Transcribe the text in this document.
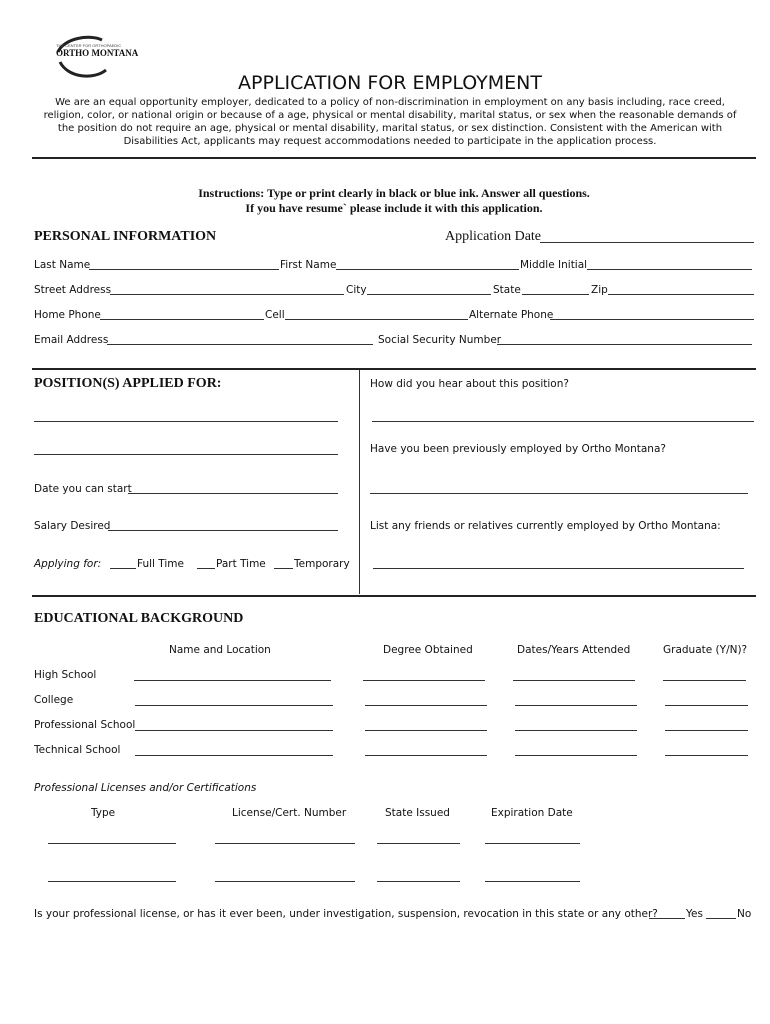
THE CENTER FOR ORTHOPAEDIC
ORTHO MONTANA
APPLICATION FOR EMPLOYMENT
We are an equal opportunity employer, dedicated to a policy of non-discrimination in employment on any basis including, race creed,
religion, color, or national origin or because of a age, physical or mental disability, marital status, or sex when the reasonable demands of
the position do not require an age, physical or mental disability, marital status, or sex distinction. Consistent with the American with
Disabilities Act, applicants may request accommodations needed to participate in the application process.
Instructions: Type or print clearly in black or blue ink. Answer all questions.
If you have resume` please include it with this application.
PERSONAL INFORMATION	Application Date
Last Name	First Name	Middle Initial
Street Address	City	State	Zip
Home Phone	Cell	Alternate Phone
Email Address	Social Security Number
POSITION(S) APPLIED FOR:
Date you can start
Salary Desired
Applying for:	Full Time	Part Time	Temporary
How did you hear about this position?
Have you been previously employed by Ortho Montana?
List any friends or relatives currently employed by Ortho Montana:
EDUCATIONAL BACKGROUND
Name and Location	Degree Obtained	Dates/Years Attended	Graduate (Y/N)?
High School
College
Professional School
Technical School
Professional Licenses and/or Certifications
Type	License/Cert. Number	State Issued	Expiration Date
Is your professional license, or has it ever been, under investigation, suspension, revocation in this state or any other?	Yes	No
